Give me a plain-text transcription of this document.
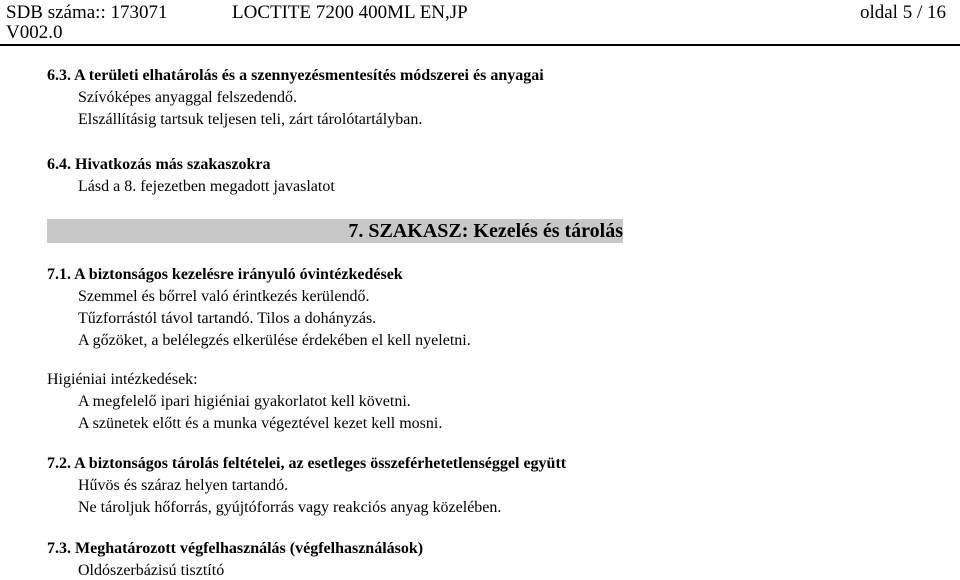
SDB száma:: 173071	LOCTITE 7200 400ML EN,JP	oldal 5 / 16
V002.0
6.3. A területi elhatárolás és a szennyezésmentesítés módszerei és anyagai
Szívóképes anyaggal felszedendő.
Elszállításig tartsuk teljesen teli, zárt tárolótartályban.
6.4. Hivatkozás más szakaszokra
Lásd a 8. fejezetben megadott javaslatot
7. SZAKASZ: Kezelés és tárolás
7.1. A biztonságos kezelésre irányuló óvintézkedések
Szemmel és bőrrel való érintkezés kerülendő.
Tűzforrástól távol tartandó. Tilos a dohányzás.
A gőzöket, a belélegzés elkerülése érdekében el kell nyeletni.
Higiéniai intézkedések:
A megfelelő ipari higiéniai gyakorlatot kell követni.
A szünetek előtt és a munka végeztével kezet kell mosni.
7.2. A biztonságos tárolás feltételei, az esetleges összeférhetetlenséggel együtt
Hűvös és száraz helyen tartandó.
Ne tároljuk hőforrás, gyújtóforrás vagy reakciós anyag közelében.
7.3. Meghatározott végfelhasználás (végfelhasználások)
Oldószerbázisú tisztító
